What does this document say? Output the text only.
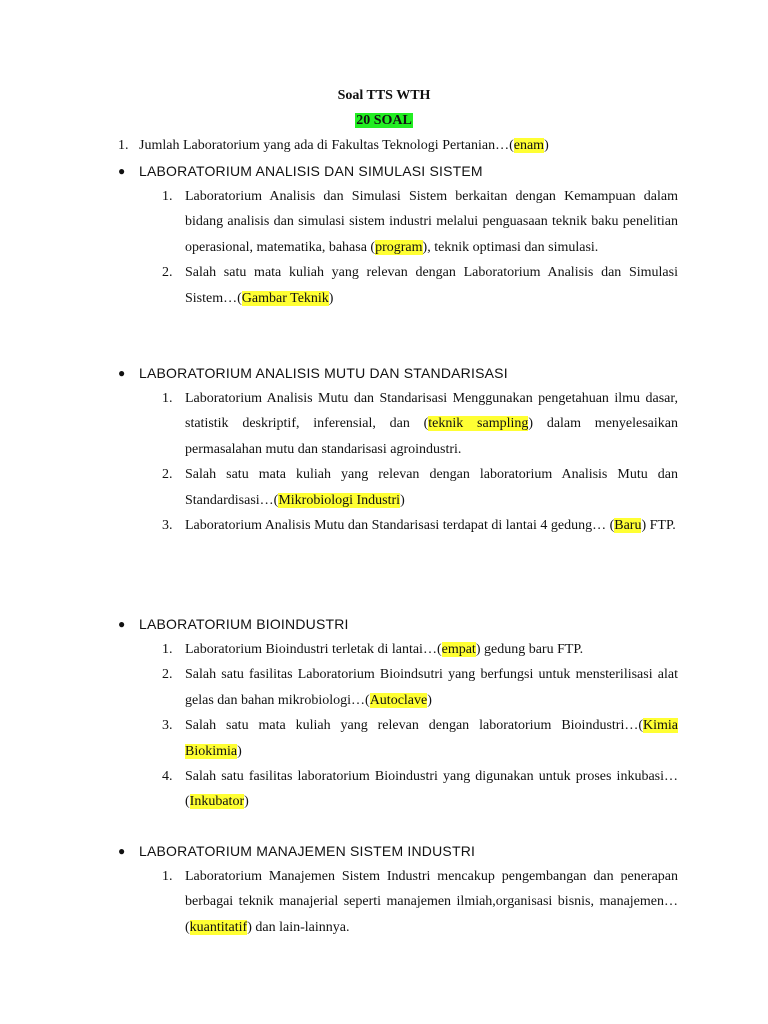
Soal TTS WTH
20 SOAL
1. Jumlah Laboratorium yang ada di Fakultas Teknologi Pertanian…(enam)
● LABORATORIUM ANALISIS DAN SIMULASI SISTEM
1. Laboratorium Analisis dan Simulasi Sistem berkaitan dengan Kemampuan dalam bidang analisis dan simulasi sistem industri melalui penguasaan teknik baku penelitian operasional, matematika, bahasa (program), teknik optimasi dan simulasi.
2. Salah satu mata kuliah yang relevan dengan Laboratorium Analisis dan Simulasi Sistem…(Gambar Teknik)
● LABORATORIUM ANALISIS MUTU DAN STANDARISASI
1. Laboratorium Analisis Mutu dan Standarisasi Menggunakan pengetahuan ilmu dasar, statistik deskriptif, inferensial, dan (teknik sampling) dalam menyelesaikan permasalahan mutu dan standarisasi agroindustri.
2. Salah satu mata kuliah yang relevan dengan laboratorium Analisis Mutu dan Standardisasi…(Mikrobiologi Industri)
3. Laboratorium Analisis Mutu dan Standarisasi terdapat di lantai 4 gedung… (Baru) FTP.
● LABORATORIUM BIOINDUSTRI
1. Laboratorium Bioindustri terletak di lantai…(empat) gedung baru FTP.
2. Salah satu fasilitas Laboratorium Bioindsutri yang berfungsi untuk mensterilisasi alat gelas dan bahan mikrobiologi…(Autoclave)
3. Salah satu mata kuliah yang relevan dengan laboratorium Bioindustri…(Kimia Biokimia)
4. Salah satu fasilitas laboratorium Bioindustri yang digunakan untuk proses inkubasi…(Inkubator)
● LABORATORIUM MANAJEMEN SISTEM INDUSTRI
1. Laboratorium Manajemen Sistem Industri mencakup pengembangan dan penerapan berbagai teknik manajerial seperti manajemen ilmiah,organisasi bisnis, manajemen…(kuantitatif) dan lain-lainnya.
